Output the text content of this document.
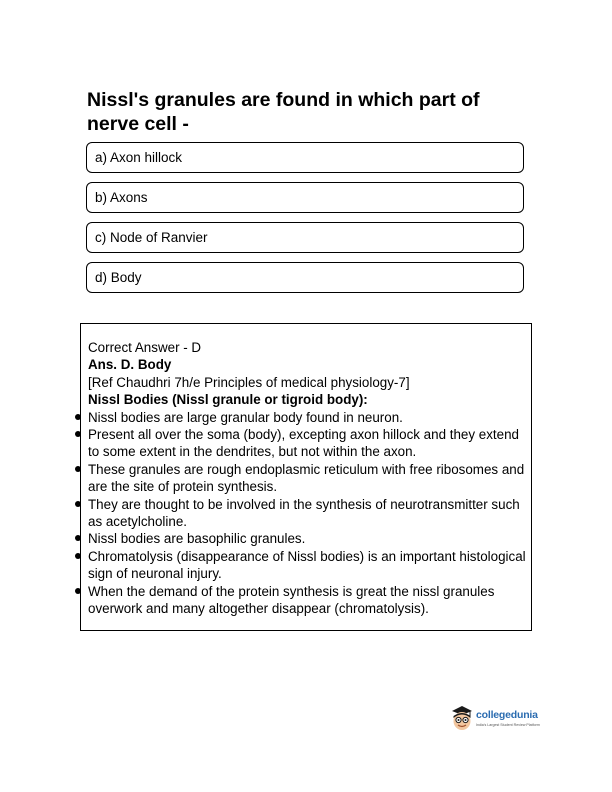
Nissl's granules are found in which part of nerve cell -
a) Axon hillock
b) Axons
c) Node of Ranvier
d) Body
Correct Answer - D
Ans. D. Body
[Ref Chaudhri 7h/e Principles of medical physiology-7]
Nissl Bodies (Nissl granule or tigroid body):
Nissl bodies are large granular body found in neuron.
Present all over the soma (body), excepting axon hillock and they extend to some extent in the dendrites, but not within the axon.
These granules are rough endoplasmic reticulum with free ribosomes and are the site of protein synthesis.
They are thought to be involved in the synthesis of neurotransmitter such as acetylcholine.
Nissl bodies are basophilic granules.
Chromatolysis (disappearance of Nissl bodies) is an important histological sign of neuronal injury.
When the demand of the protein synthesis is great the nissl granules overwork and many altogether disappear (chromatolysis).
collegedunia
India's Largest Student Review Platform
